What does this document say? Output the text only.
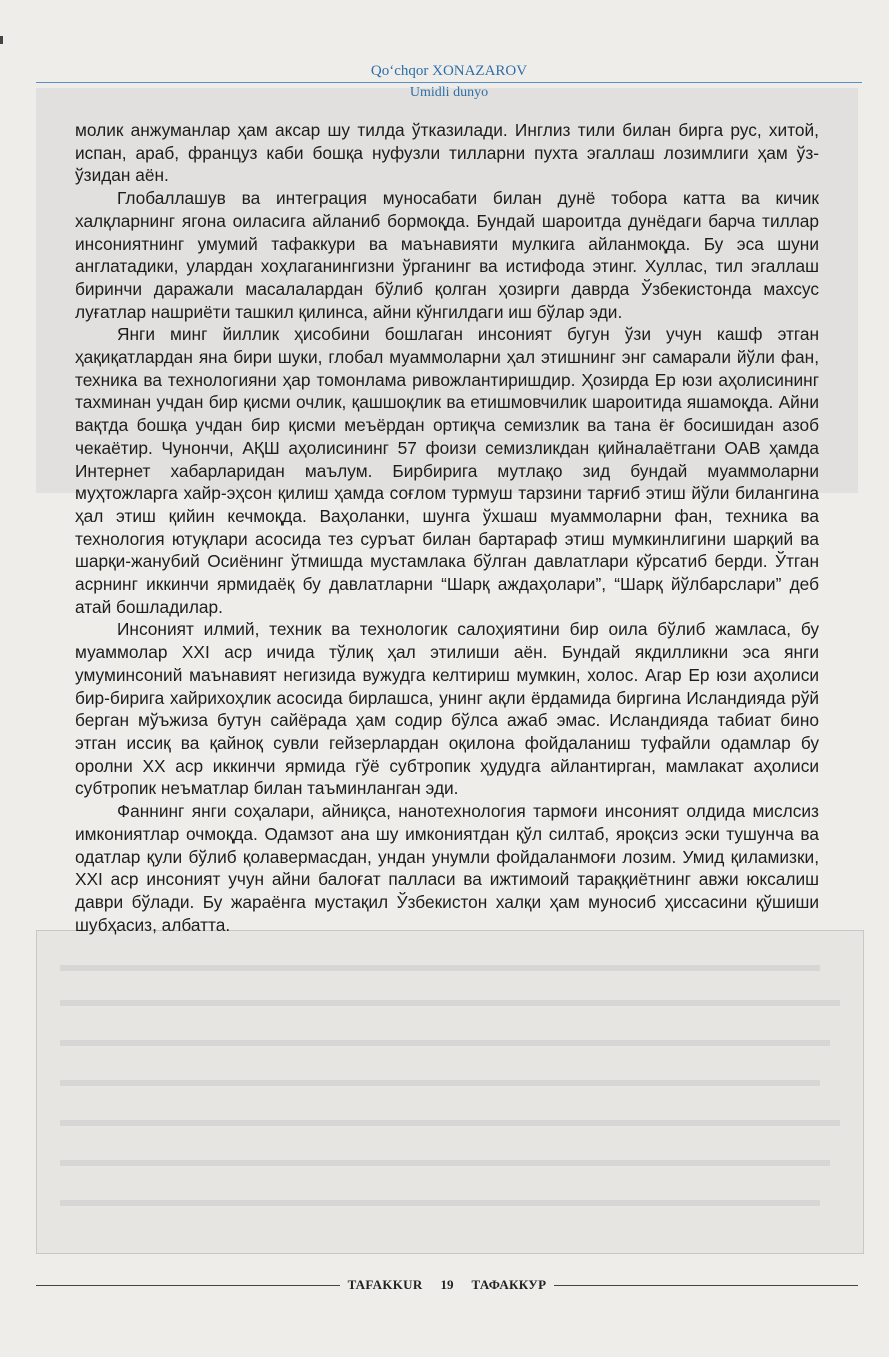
Qo‘chqor XONAZAROV
Umidli dunyo

молик анжуманлар ҳам аксар шу тилда ўтказилади. Инглиз тили билан бирга рус, хитой, испан, араб, француз каби бошқа нуфузли тилларни пухта эгаллаш лозимлиги ҳам ўз-ўзидан аён.

Глобаллашув ва интеграция муносабати билан дунё тобора катта ва кичик халқларнинг ягона оиласига айланиб бормоқда. Бундай шароитда дунёдаги барча тиллар инсониятнинг умумий тафаккури ва маънавияти мулкига айланмоқда. Бу эса шуни англатадики, улардан хоҳлаганингизни ўрганинг ва истифода этинг. Хуллас, тил эгаллаш биринчи даражали масалалардан бўлиб қолган ҳозирги даврда Ўзбекистонда махсус луғатлар нашриёти ташкил қилинса, айни кўнгилдаги иш бўлар эди.

Янги минг йиллик ҳисобини бошлаган инсоният бугун ўзи учун кашф этган ҳақиқатлардан яна бири шуки, глобал муаммоларни ҳал этишнинг энг самарали йўли фан, техника ва технологияни ҳар томонлама ривожлантиришдир. Ҳозирда Ер юзи аҳолисининг тахминан учдан бир қисми очлик, қашшоқлик ва етишмовчилик шароитида яшамоқда. Айни вақтда бошқа учдан бир қисми меъёрдан ортиқча семизлик ва тана ёғ босишидан азоб чекаётир. Чунончи, АҚШ аҳолисининг 57 фоизи семизликдан қийналаётгани ОАВ ҳамда Интернет хабарларидан маълум. Бирбирига мутлақо зид бундай муаммоларни муҳтожларга хайр-эҳсон қилиш ҳамда соғлом турмуш тарзини тарғиб этиш йўли билангина ҳал этиш қийин кечмоқда. Ваҳоланки, шунга ўхшаш муаммоларни фан, техника ва технология ютуқлари асосида тез суръат билан бартараф этиш мумкинлигини шарқий ва шарқи-жанубий Осиёнинг ўтмишда мустамлака бўлган давлатлари кўрсатиб берди. Ўтган асрнинг иккинчи ярмидаёқ бу давлатларни “Шарқ аждаҳолари”, “Шарқ йўлбарслари” деб атай бошладилар.

Инсоният илмий, техник ва технологик салоҳиятини бир оила бўлиб жамласа, бу муаммолар XXI аср ичида тўлиқ ҳал этилиши аён. Бундай якдилликни эса янги умуминсоний маънавият негизида вужудга келтириш мумкин, холос. Агар Ер юзи аҳолиси бир-бирига хайрихоҳлик асосида бирлашса, унинг ақли ёрдамида биргина Исландияда рўй берган мўъжиза бутун сайёрада ҳам содир бўлса ажаб эмас. Исландияда табиат бино этган иссиқ ва қайноқ сувли гейзерлардан оқилона фойдаланиш туфайли одамлар бу оролни XX аср иккинчи ярмида гўё субтропик ҳудудга айлантирган, мамлакат аҳолиси субтропик неъматлар билан таъминланган эди.

Фаннинг янги соҳалари, айниқса, нанотехнология тармоғи инсоният олдида мислсиз имкониятлар очмоқда. Одамзот ана шу имкониятдан қўл силтаб, яроқсиз эски тушунча ва одатлар қули бўлиб қолавермасдан, ундан унумли фойдаланмоғи лозим. Умид қиламизки, XXI аср инсоният учун айни балоғат палласи ва ижтимоий тараққиётнинг авжи юксалиш даври бўлади. Бу жараёнга мустақил Ўзбекистон халқи ҳам муносиб ҳиссасини қўшиши шубҳасиз, албатта.

TAFAKKUR	19	ТАФАККУР
